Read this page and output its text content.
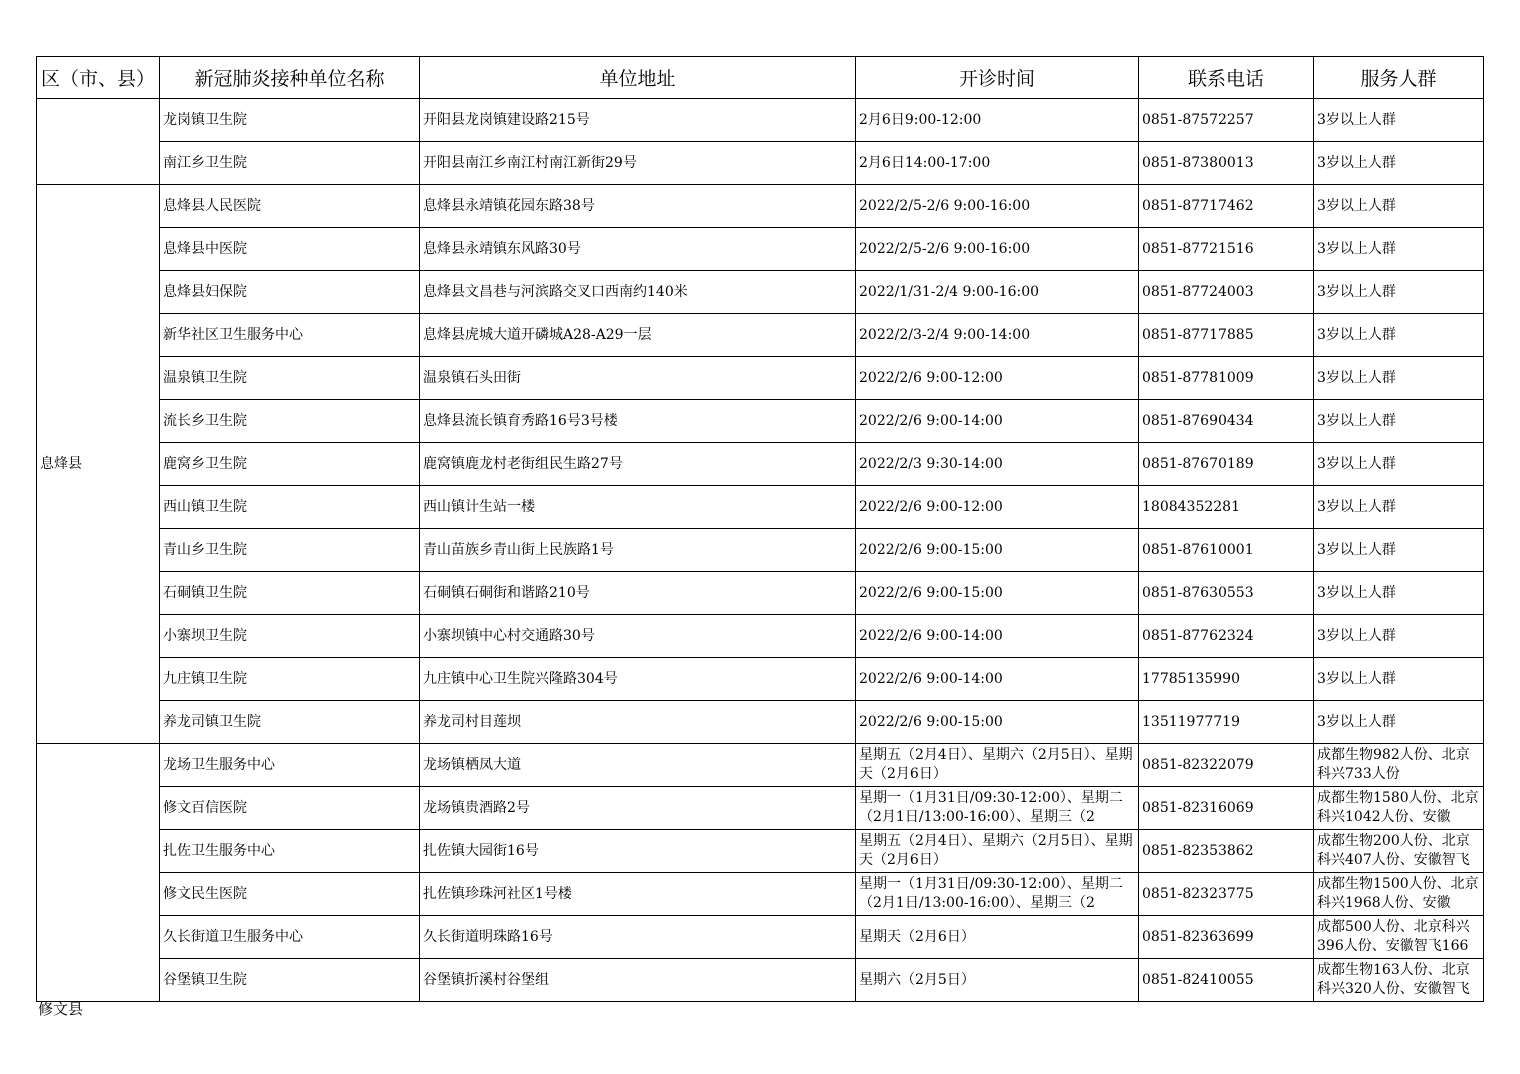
区（市、县）	新冠肺炎接种单位名称	单位地址	开诊时间	联系电话	服务人群

	龙岗镇卫生院	开阳县龙岗镇建设路215号	2月6日9:00-12:00	0851-87572257	3岁以上人群

	南江乡卫生院	开阳县南江乡南江村南江新街29号	2月6日14:00-17:00	0851-87380013	3岁以上人群

息烽县	息烽县人民医院	息烽县永靖镇花园东路38号	2022/2/5-2/6 9:00-16:00	0851-87717462	3岁以上人群

	息烽县中医院	息烽县永靖镇东风路30号	2022/2/5-2/6 9:00-16:00	0851-87721516	3岁以上人群

	息烽县妇保院	息烽县文昌巷与河滨路交叉口西南约140米	2022/1/31-2/4 9:00-16:00	0851-87724003	3岁以上人群

	新华社区卫生服务中心	息烽县虎城大道开磷城A28-A29一层	2022/2/3-2/4 9:00-14:00	0851-87717885	3岁以上人群

	温泉镇卫生院	温泉镇石头田街	2022/2/6 9:00-12:00	0851-87781009	3岁以上人群

	流长乡卫生院	息烽县流长镇育秀路16号3号楼	2022/2/6 9:00-14:00	0851-87690434	3岁以上人群

	鹿窝乡卫生院	鹿窝镇鹿龙村老街组民生路27号	2022/2/3 9:30-14:00	0851-87670189	3岁以上人群

	西山镇卫生院	西山镇计生站一楼	2022/2/6 9:00-12:00	18084352281	3岁以上人群

	青山乡卫生院	青山苗族乡青山街上民族路1号	2022/2/6 9:00-15:00	0851-87610001	3岁以上人群

	石硐镇卫生院	石硐镇石硐街和谐路210号	2022/2/6 9:00-15:00	0851-87630553	3岁以上人群

	小寨坝卫生院	小寨坝镇中心村交通路30号	2022/2/6 9:00-14:00	0851-87762324	3岁以上人群

	九庄镇卫生院	九庄镇中心卫生院兴隆路304号	2022/2/6 9:00-14:00	17785135990	3岁以上人群

	养龙司镇卫生院	养龙司村目莲坝	2022/2/6 9:00-15:00	13511977719	3岁以上人群

	龙场卫生服务中心	龙场镇栖凤大道	星期五（2月4日）、星期六（2月5日）、星期天（2月6日）	0851-82322079	成都生物982人份、北京科兴733人份

	修文百信医院	龙场镇贵酒路2号	星期一（1月31日/09:30-12:00）、星期二（2月1日/13:00-16:00）、星期三（2	0851-82316069	成都生物1580人份、北京科兴1042人份、安徽

	扎佐卫生服务中心	扎佐镇大园街16号	星期五（2月4日）、星期六（2月5日）、星期天（2月6日）	0851-82353862	成都生物200人份、北京科兴407人份、安徽智飞

	修文民生医院	扎佐镇珍珠河社区1号楼	星期一（1月31日/09:30-12:00）、星期二（2月1日/13:00-16:00）、星期三（2	0851-82323775	成都生物1500人份、北京科兴1968人份、安徽

	久长街道卫生服务中心	久长街道明珠路16号	星期天（2月6日）	0851-82363699	成都500人份、北京科兴396人份、安徽智飞166

	谷堡镇卫生院	谷堡镇折溪村谷堡组	星期六（2月5日）	0851-82410055	成都生物163人份、北京科兴320人份、安徽智飞
修文县
